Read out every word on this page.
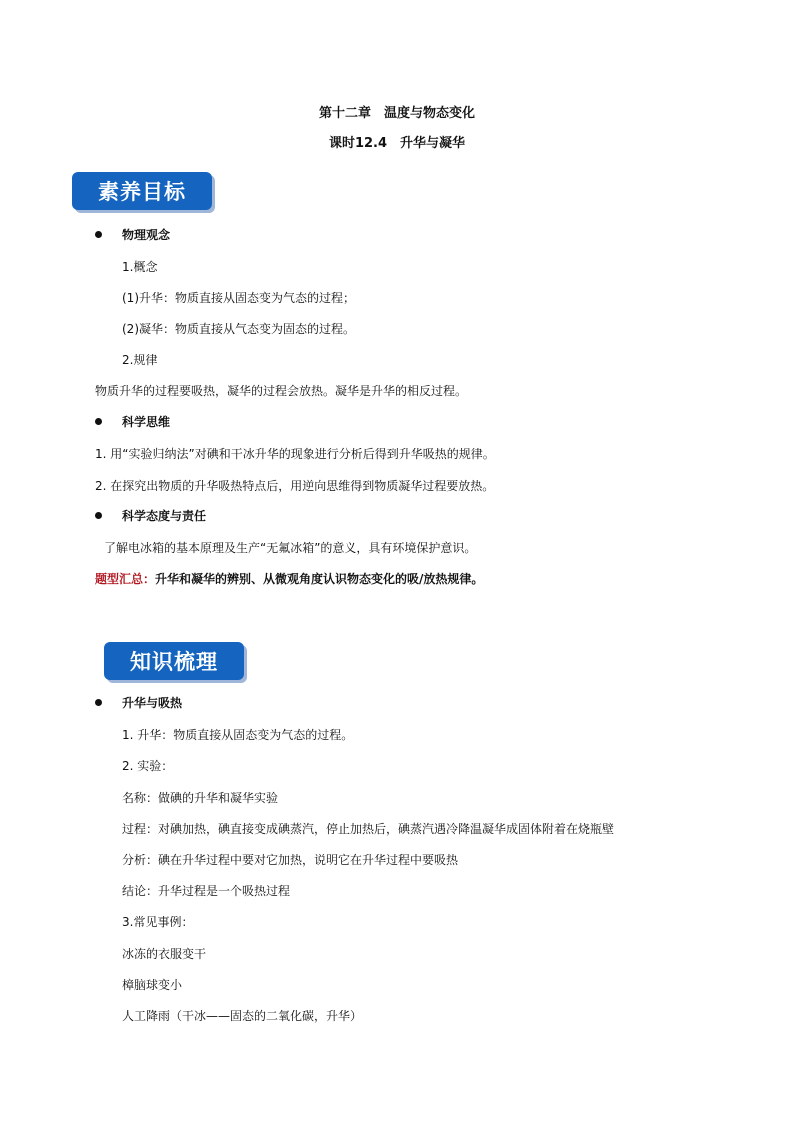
第十二章　温度与物态变化
课时12.4　升华与凝华
素养目标
物理观念
1.概念
(1)升华：物质直接从固态变为气态的过程；
(2)凝华：物质直接从气态变为固态的过程。
2.规律
物质升华的过程要吸热，凝华的过程会放热。凝华是升华的相反过程。
科学思维
1. 用“实验归纳法”对碘和干冰升华的现象进行分析后得到升华吸热的规律。
2. 在探究出物质的升华吸热特点后，用逆向思维得到物质凝华过程要放热。
科学态度与责任
了解电冰箱的基本原理及生产“无氟冰箱”的意义，具有环境保护意识。
题型汇总：升华和凝华的辨别、从微观角度认识物态变化的吸/放热规律。
知识梳理
升华与吸热
1. 升华：物质直接从固态变为气态的过程。
2. 实验：
名称：做碘的升华和凝华实验
过程：对碘加热，碘直接变成碘蒸汽，停止加热后，碘蒸汽遇冷降温凝华成固体附着在烧瓶壁
分析：碘在升华过程中要对它加热，说明它在升华过程中要吸热
结论：升华过程是一个吸热过程
3.常见事例：
冰冻的衣服变干
樟脑球变小
人工降雨（干冰——固态的二氧化碳，升华）
